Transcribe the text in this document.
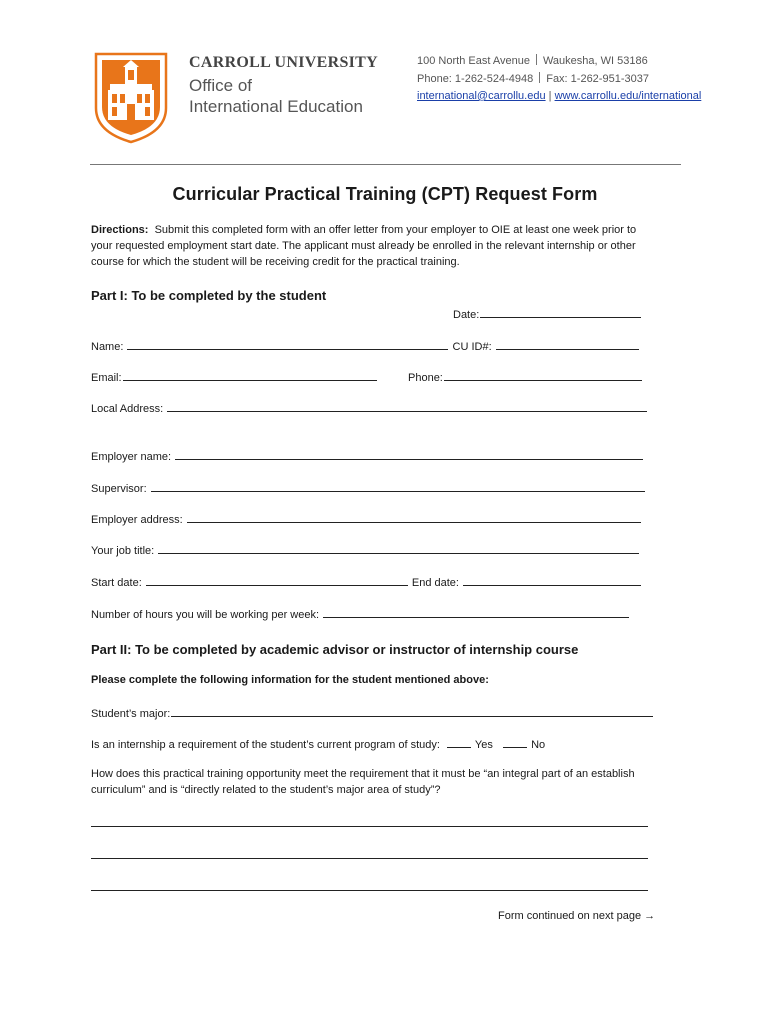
CARROLL UNIVERSITY
Office of
International Education
100 North East Avenue Waukesha, WI 53186
Phone: 1-262-524-4948 Fax: 1-262-951-3037
international@carrollu.edu | www.carrollu.edu/international
Curricular Practical Training (CPT) Request Form
Directions: Submit this completed form with an offer letter from your employer to OIE at least one week prior to
your requested employment start date. The applicant must already be enrolled in the relevant internship or other
course for which the student will be receiving credit for the practical training.
Part I: To be completed by the student
Date:
Name:	CU ID#:
Email:	Phone:
Local Address:
Employer name:
Supervisor:
Employer address:
Your job title:
Start date:	End date:
Number of hours you will be working per week:
Part II: To be completed by academic advisor or instructor of internship course
Please complete the following information for the student mentioned above:
Student’s major:
Is an internship a requirement of the student’s current program of study:	Yes	No
How does this practical training opportunity meet the requirement that it must be “an integral part of an establish
curriculum” and is “directly related to the student’s major area of study”?
Form continued on next page →
